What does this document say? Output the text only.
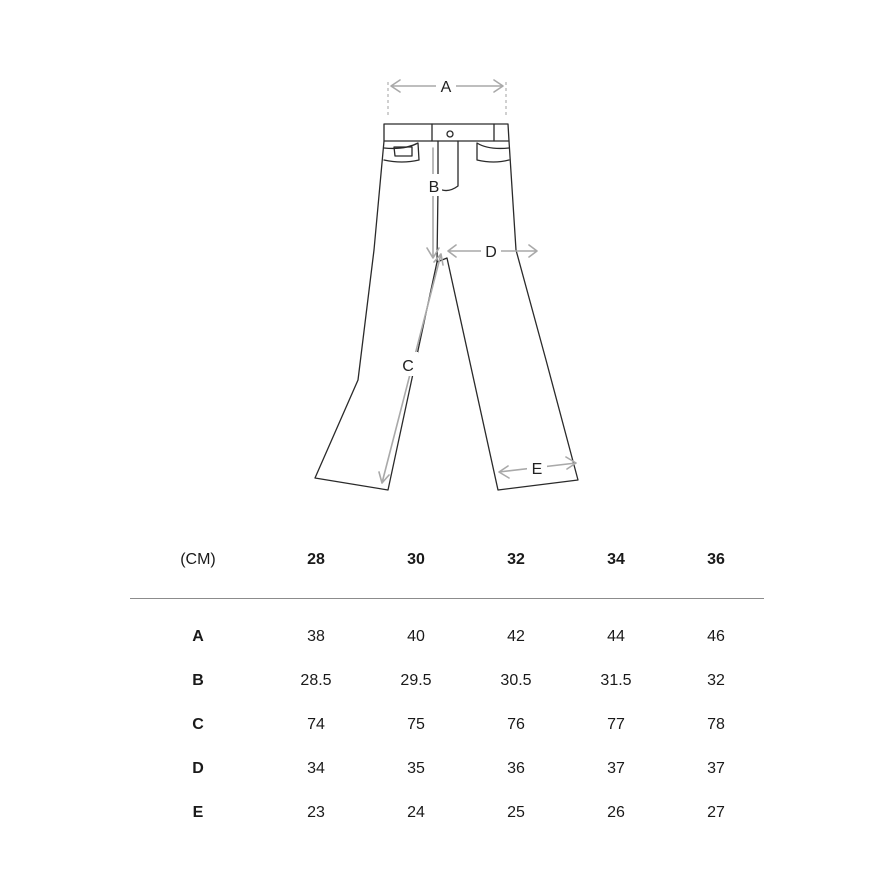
A
B
D
C
E
(CM)	28	30	32	34	36
A	38	40	42	44	46
B	28.5	29.5	30.5	31.5	32
C	74	75	76	77	78
D	34	35	36	37	37
E	23	24	25	26	27
